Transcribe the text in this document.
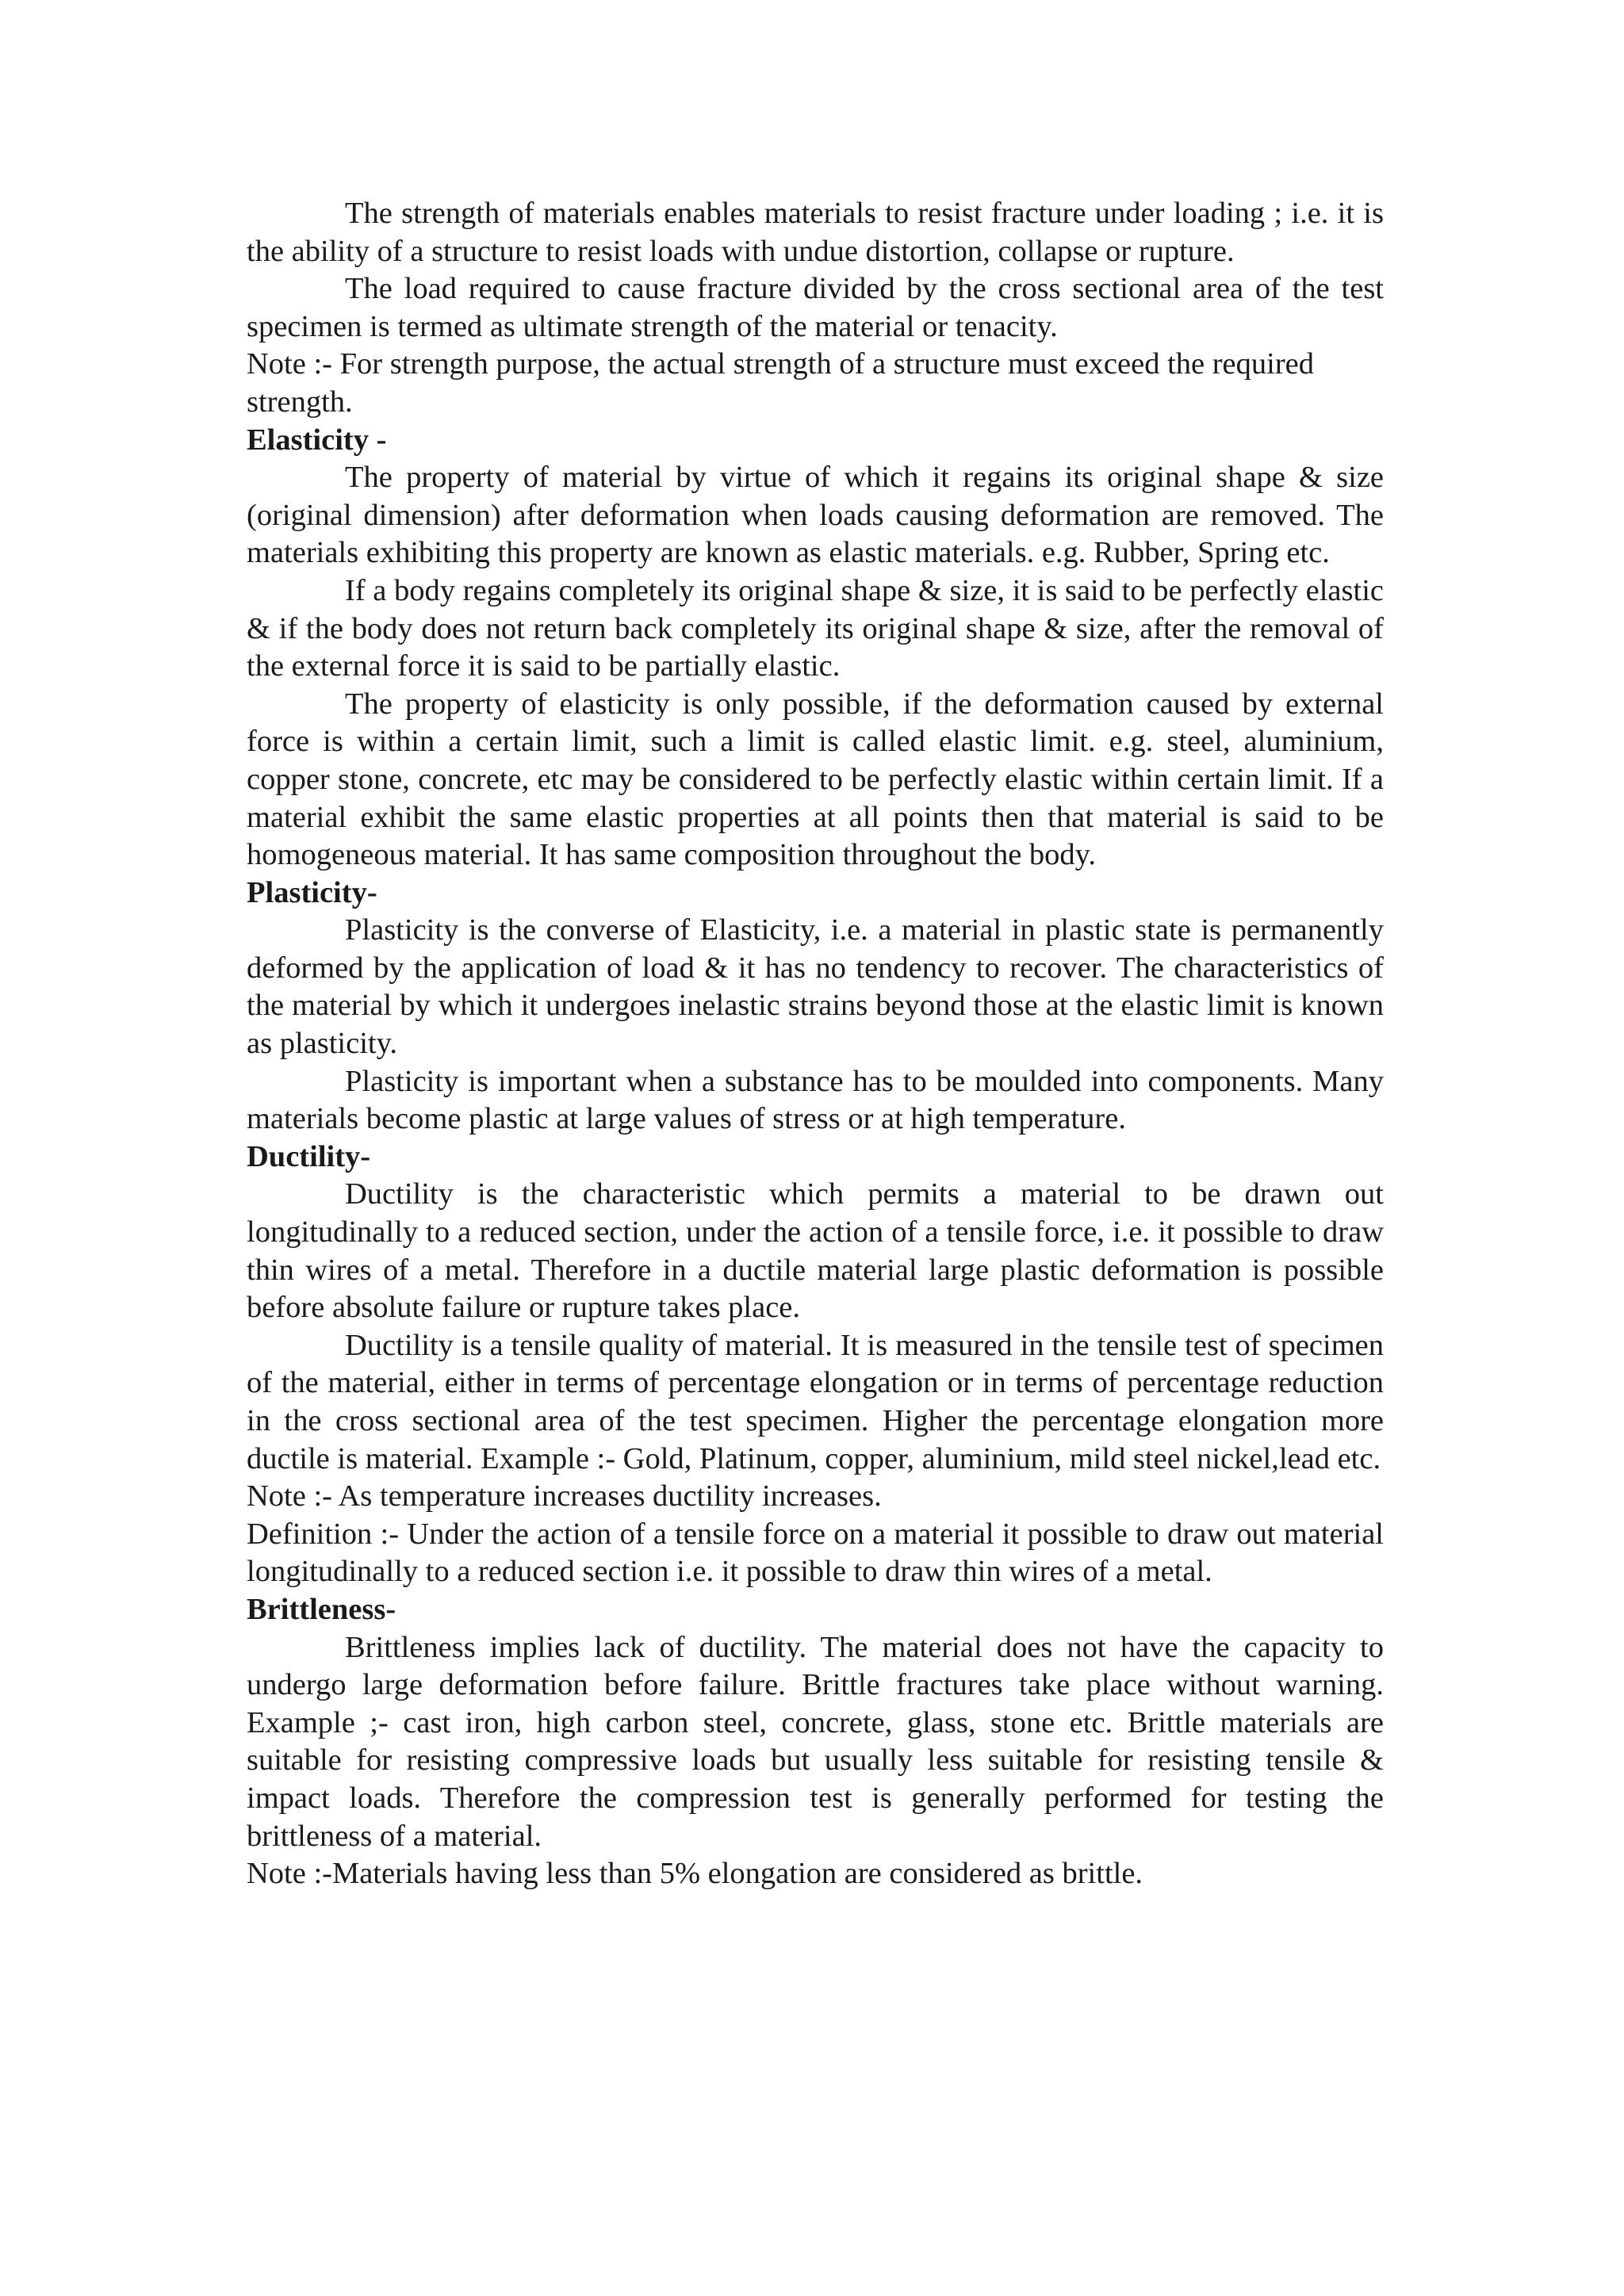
The strength of materials enables materials to resist fracture under loading ; i.e. it is the ability of a structure to resist loads with undue distortion, collapse or rupture.

The load required to cause fracture divided by the cross sectional area of the test specimen is termed as ultimate strength of the material or tenacity.

Note :- For strength purpose, the actual strength of a structure must exceed the required strength.

Elasticity -

The property of material by virtue of which it regains its original shape & size (original dimension) after deformation when loads causing deformation are removed. The materials exhibiting this property are known as elastic materials. e.g. Rubber, Spring etc.

If a body regains completely its original shape & size, it is said to be perfectly elastic & if the body does not return back completely its original shape & size, after the removal of the external force it is said to be partially elastic.

The property of elasticity is only possible, if the deformation caused by external force is within a certain limit, such a limit is called elastic limit. e.g. steel, aluminium, copper stone, concrete, etc may be considered to be perfectly elastic within certain limit. If a material exhibit the same elastic properties at all points then that material is said to be homogeneous material. It has same composition throughout the body.

Plasticity-

Plasticity is the converse of Elasticity, i.e. a material in plastic state is permanently deformed by the application of load & it has no tendency to recover. The characteristics of the material by which it undergoes inelastic strains beyond those at the elastic limit is known as plasticity.

Plasticity is important when a substance has to be moulded into components. Many materials become plastic at large values of stress or at high temperature.

Ductility-

Ductility is the characteristic which permits a material to be drawn out longitudinally to a reduced section, under the action of a tensile force, i.e. it possible to draw thin wires of a metal. Therefore in a ductile material large plastic deformation is possible before absolute failure or rupture takes place.

Ductility is a tensile quality of material. It is measured in the tensile test of specimen of the material, either in terms of percentage elongation or in terms of percentage reduction in the cross sectional area of the test specimen. Higher the percentage elongation more ductile is material. Example :- Gold, Platinum, copper, aluminium, mild steel nickel,lead etc.

Note :- As temperature increases ductility increases.

Definition :- Under the action of a tensile force on a material it possible to draw out material longitudinally to a reduced section i.e. it possible to draw thin wires of a metal.

Brittleness-

Brittleness implies lack of ductility. The material does not have the capacity to undergo large deformation before failure. Brittle fractures take place without warning. Example ;- cast iron, high carbon steel, concrete, glass, stone etc. Brittle materials are suitable for resisting compressive loads but usually less suitable for resisting tensile & impact loads. Therefore the compression test is generally performed for testing the brittleness of a material.

Note :-Materials having less than 5% elongation are considered as brittle.
